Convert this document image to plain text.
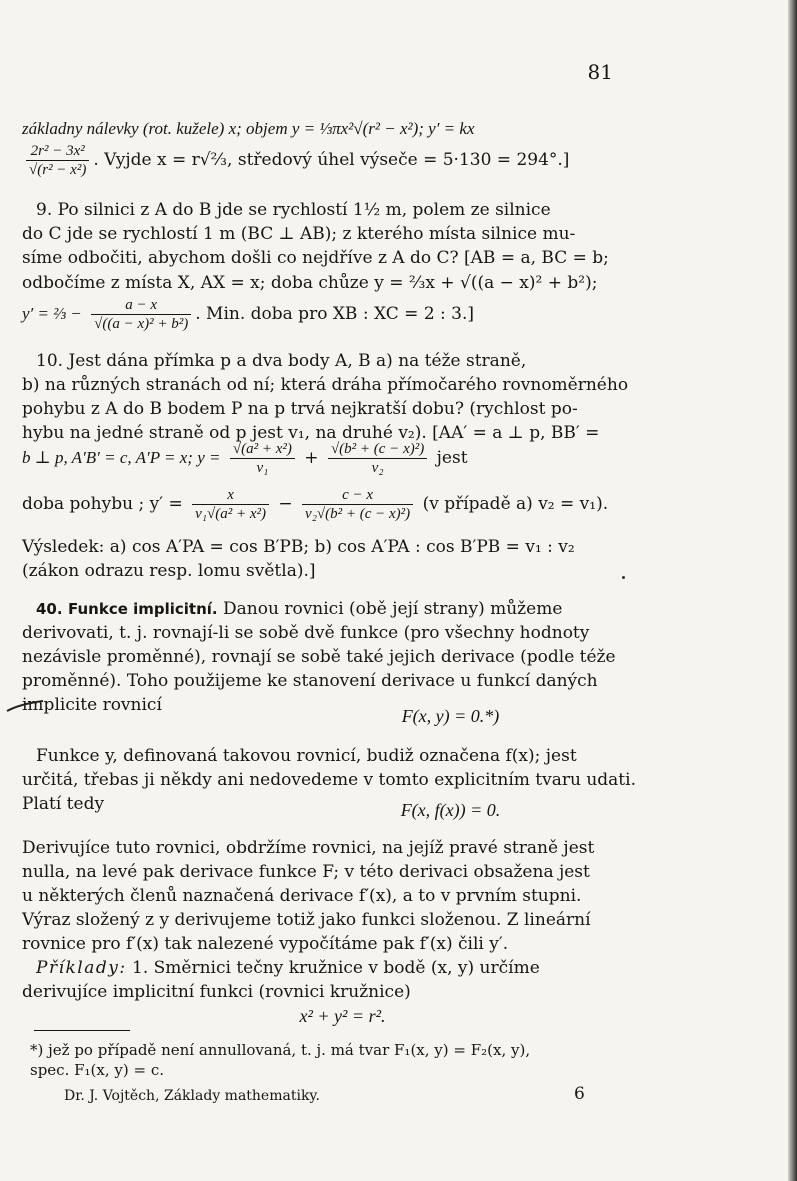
81
základny nálevky (rot. kužele) x; objem y = ⅓πx²√(r² − x²); y′ = kx
$\frac{\text{2r² − 3x²}}{\text{√(r² − x²)}}$ . Vyjde x = r√⅔, středový úhel výseče = 5·130 = 294°.]
9. Po silnici z A do B jde se rychlostí 1½ m, polem ze silnice
do C jde se rychlostí 1 m (BC ⊥ AB); z kterého místa silnice mu-
síme odbočiti, abychom došli co nejdříve z A do C? [AB = a, BC = b;
odbočíme z místa X, AX = x; doba chůze y = ⅔x + √((a − x)² + b²);
y′ = ⅔ − $\frac{a - x}{\text{√((a − x)² + b²)}}$ . Min. doba pro XB : XC = 2 : 3.]
10. Jest dána přímka p a dva body A, B a) na téže straně,
b) na různých stranách od ní; která dráha přímočarého rovnoměrného
pohybu z A do B bodem P na p trvá nejkratší dobu? (rychlost po-
hybu na jedné straně od p jest v₁, na druhé v₂). [AA′ = a ⊥ p, BB′ =
b ⊥ p, A′B′ = c, A′P = x; $y = \frac{\text{√(a² + x²)}}{\text{v₁}} + \frac{\text{√(b² + (c − x)²)}}{\text{v₂}}$ jest
doba pohybu ; $y' = \frac{x}{\text{v₁√(a² + x²)}} - \frac{c - x}{\text{v₂√(b² + (c − x)²)}} (v$ případě a) v₂ = v₁).
Výsledek: a) cos A′PA = cos B′PB; b) cos A′PA : cos B′PB = v₁ : v₂
(zákon odrazu resp. lomu světla).]
40. Funkce implicitní. Danou rovnici (obě její strany) můžeme
derivovati, t. j. rovnají-li se sobě dvě funkce (pro všechny hodnoty
nezávisle proměnné), rovnají se sobě také jejich derivace (podle téže
proměnné). Toho použijeme ke stanovení derivace u funkcí daných
implicite rovnicí
F(x, y) = 0.*)
Funkce y, definovaná takovou rovnicí, budiž označena f(x); jest
určitá, třebas ji někdy ani nedovedeme v tomto explicitním tvaru udati.
Platí tedy	F(x, f(x)) = 0.
Derivujíce tuto rovnici, obdržíme rovnici, na jejíž pravé straně jest
nulla, na levé pak derivace funkce F; v této derivaci obsažena jest
u některých členů naznačená derivace f′(x), a to v prvním stupni.
Výraz složený z y derivujeme totiž jako funkci složenou. Z lineární
rovnice pro f′(x) tak nalezené vypočítáme pak f′(x) čili y′.
Příklady: 1. Směrnici tečny kružnice v bodě (x, y) určíme
derivujíce implicitní funkci (rovnici kružnice)
x² + y² = r².
*) jež po případě není annullovaná, t. j. má tvar F₁(x, y) = F₂(x, y),
spec. F₁(x, y) = c.
Dr. J. Vojtěch, Základy mathematiky.	6
